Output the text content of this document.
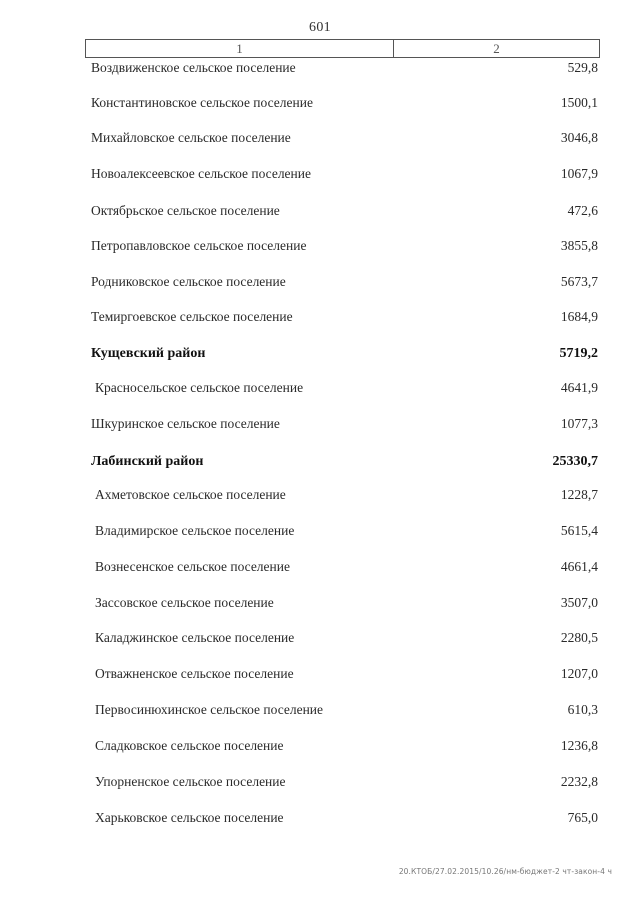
601
1	2
Воздвиженское сельское поселение	529,8
Константиновское сельское поселение	1500,1
Михайловское сельское поселение	3046,8
Новоалексеевское сельское поселение	1067,9
Октябрьское сельское поселение	472,6
Петропавловское сельское поселение	3855,8
Родниковское сельское поселение	5673,7
Темиргоевское сельское поселение	1684,9
Кущевский район	5719,2
Красносельское сельское поселение	4641,9
Шкуринское сельское поселение	1077,3
Лабинский район	25330,7
Ахметовское сельское поселение	1228,7
Владимирское сельское поселение	5615,4
Вознесенское сельское поселение	4661,4
Зассовское сельское поселение	3507,0
Каладжинское сельское поселение	2280,5
Отважненское сельское поселение	1207,0
Первосинюхинское сельское поселение	610,3
Сладковское сельское поселение	1236,8
Упорненское сельское поселение	2232,8
Харьковское сельское поселение	765,0
20.КТОБ/27.02.2015/10.26/нм-бюджет-2 чт-закон-4 ч
